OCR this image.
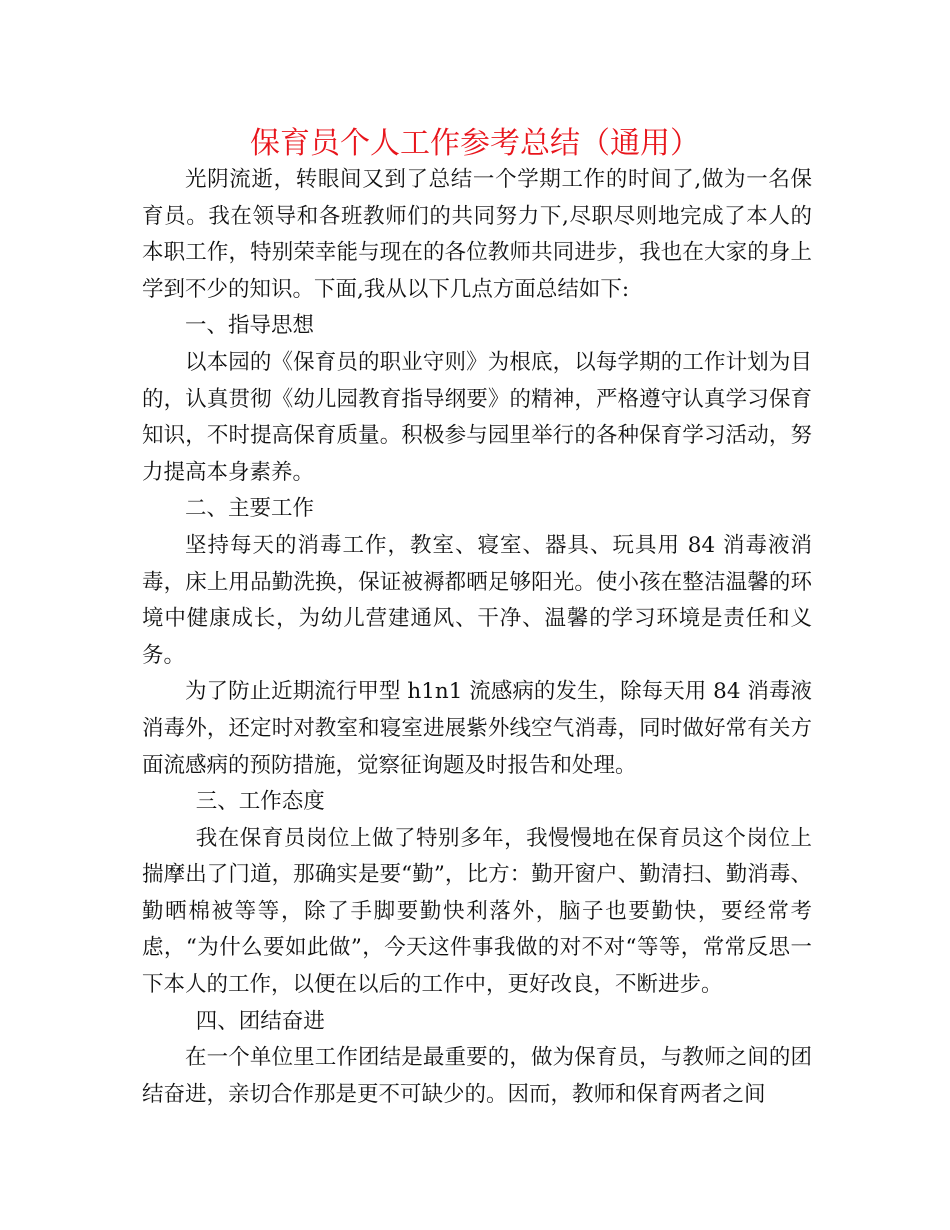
保育员个人工作参考总结（通用）

光阴流逝，转眼间又到了总结一个学期工作的时间了,做为一名保育员。我在领导和各班教师们的共同努力下,尽职尽则地完成了本人的本职工作，特别荣幸能与现在的各位教师共同进步，我也在大家的身上学到不少的知识。下面,我从以下几点方面总结如下:

一、指导思想

以本园的《保育员的职业守则》为根底，以每学期的工作计划为目的，认真贯彻《幼儿园教育指导纲要》的精神，严格遵守认真学习保育知识，不时提高保育质量。积极参与园里举行的各种保育学习活动，努力提高本身素养。

二、主要工作

坚持每天的消毒工作，教室、寝室、器具、玩具用 84 消毒液消毒，床上用品勤洗换，保证被褥都晒足够阳光。使小孩在整洁温馨的环境中健康成长，为幼儿营建通风、干净、温馨的学习环境是责任和义务。

为了防止近期流行甲型 h1n1 流感病的发生，除每天用 84 消毒液消毒外，还定时对教室和寝室进展紫外线空气消毒，同时做好常有关方面流感病的预防措施，觉察征询题及时报告和处理。

三、工作态度

我在保育员岗位上做了特别多年，我慢慢地在保育员这个岗位上揣摩出了门道，那确实是要“勤”，比方：勤开窗户、勤清扫、勤消毒、勤晒棉被等等，除了手脚要勤快利落外，脑子也要勤快，要经常考虑，“为什么要如此做”，今天这件事我做的对不对“等等，常常反思一下本人的工作，以便在以后的工作中，更好改良，不断进步。

四、团结奋进

在一个单位里工作团结是最重要的，做为保育员，与教师之间的团结奋进，亲切合作那是更不可缺少的。因而，教师和保育两者之间
